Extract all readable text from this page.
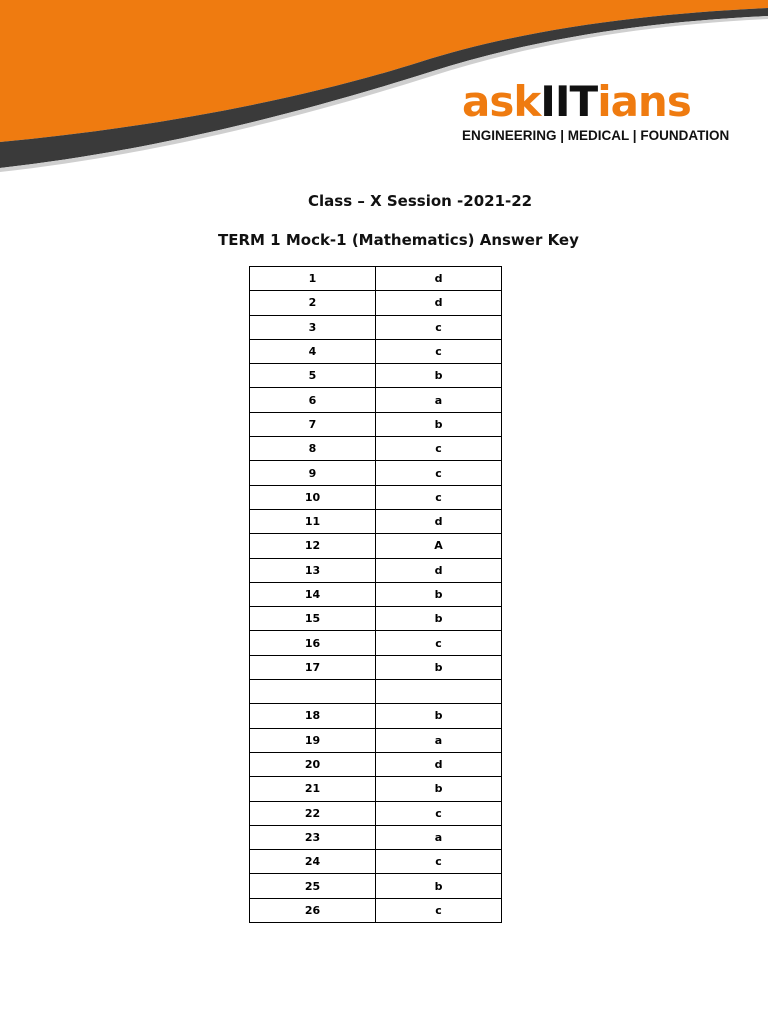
askIITians
ENGINEERING | MEDICAL | FOUNDATION
Class – X Session -2021-22
TERM 1 Mock-1 (Mathematics) Answer Key
1	d
2	d
3	c
4	c
5	b
6	a
7	b
8	c
9	c
10	c
11	d
12	A
13	d
14	b
15	b
16	c
17	b

18	b
19	a
20	d
21	b
22	c
23	a
24	c
25	b
26	c
